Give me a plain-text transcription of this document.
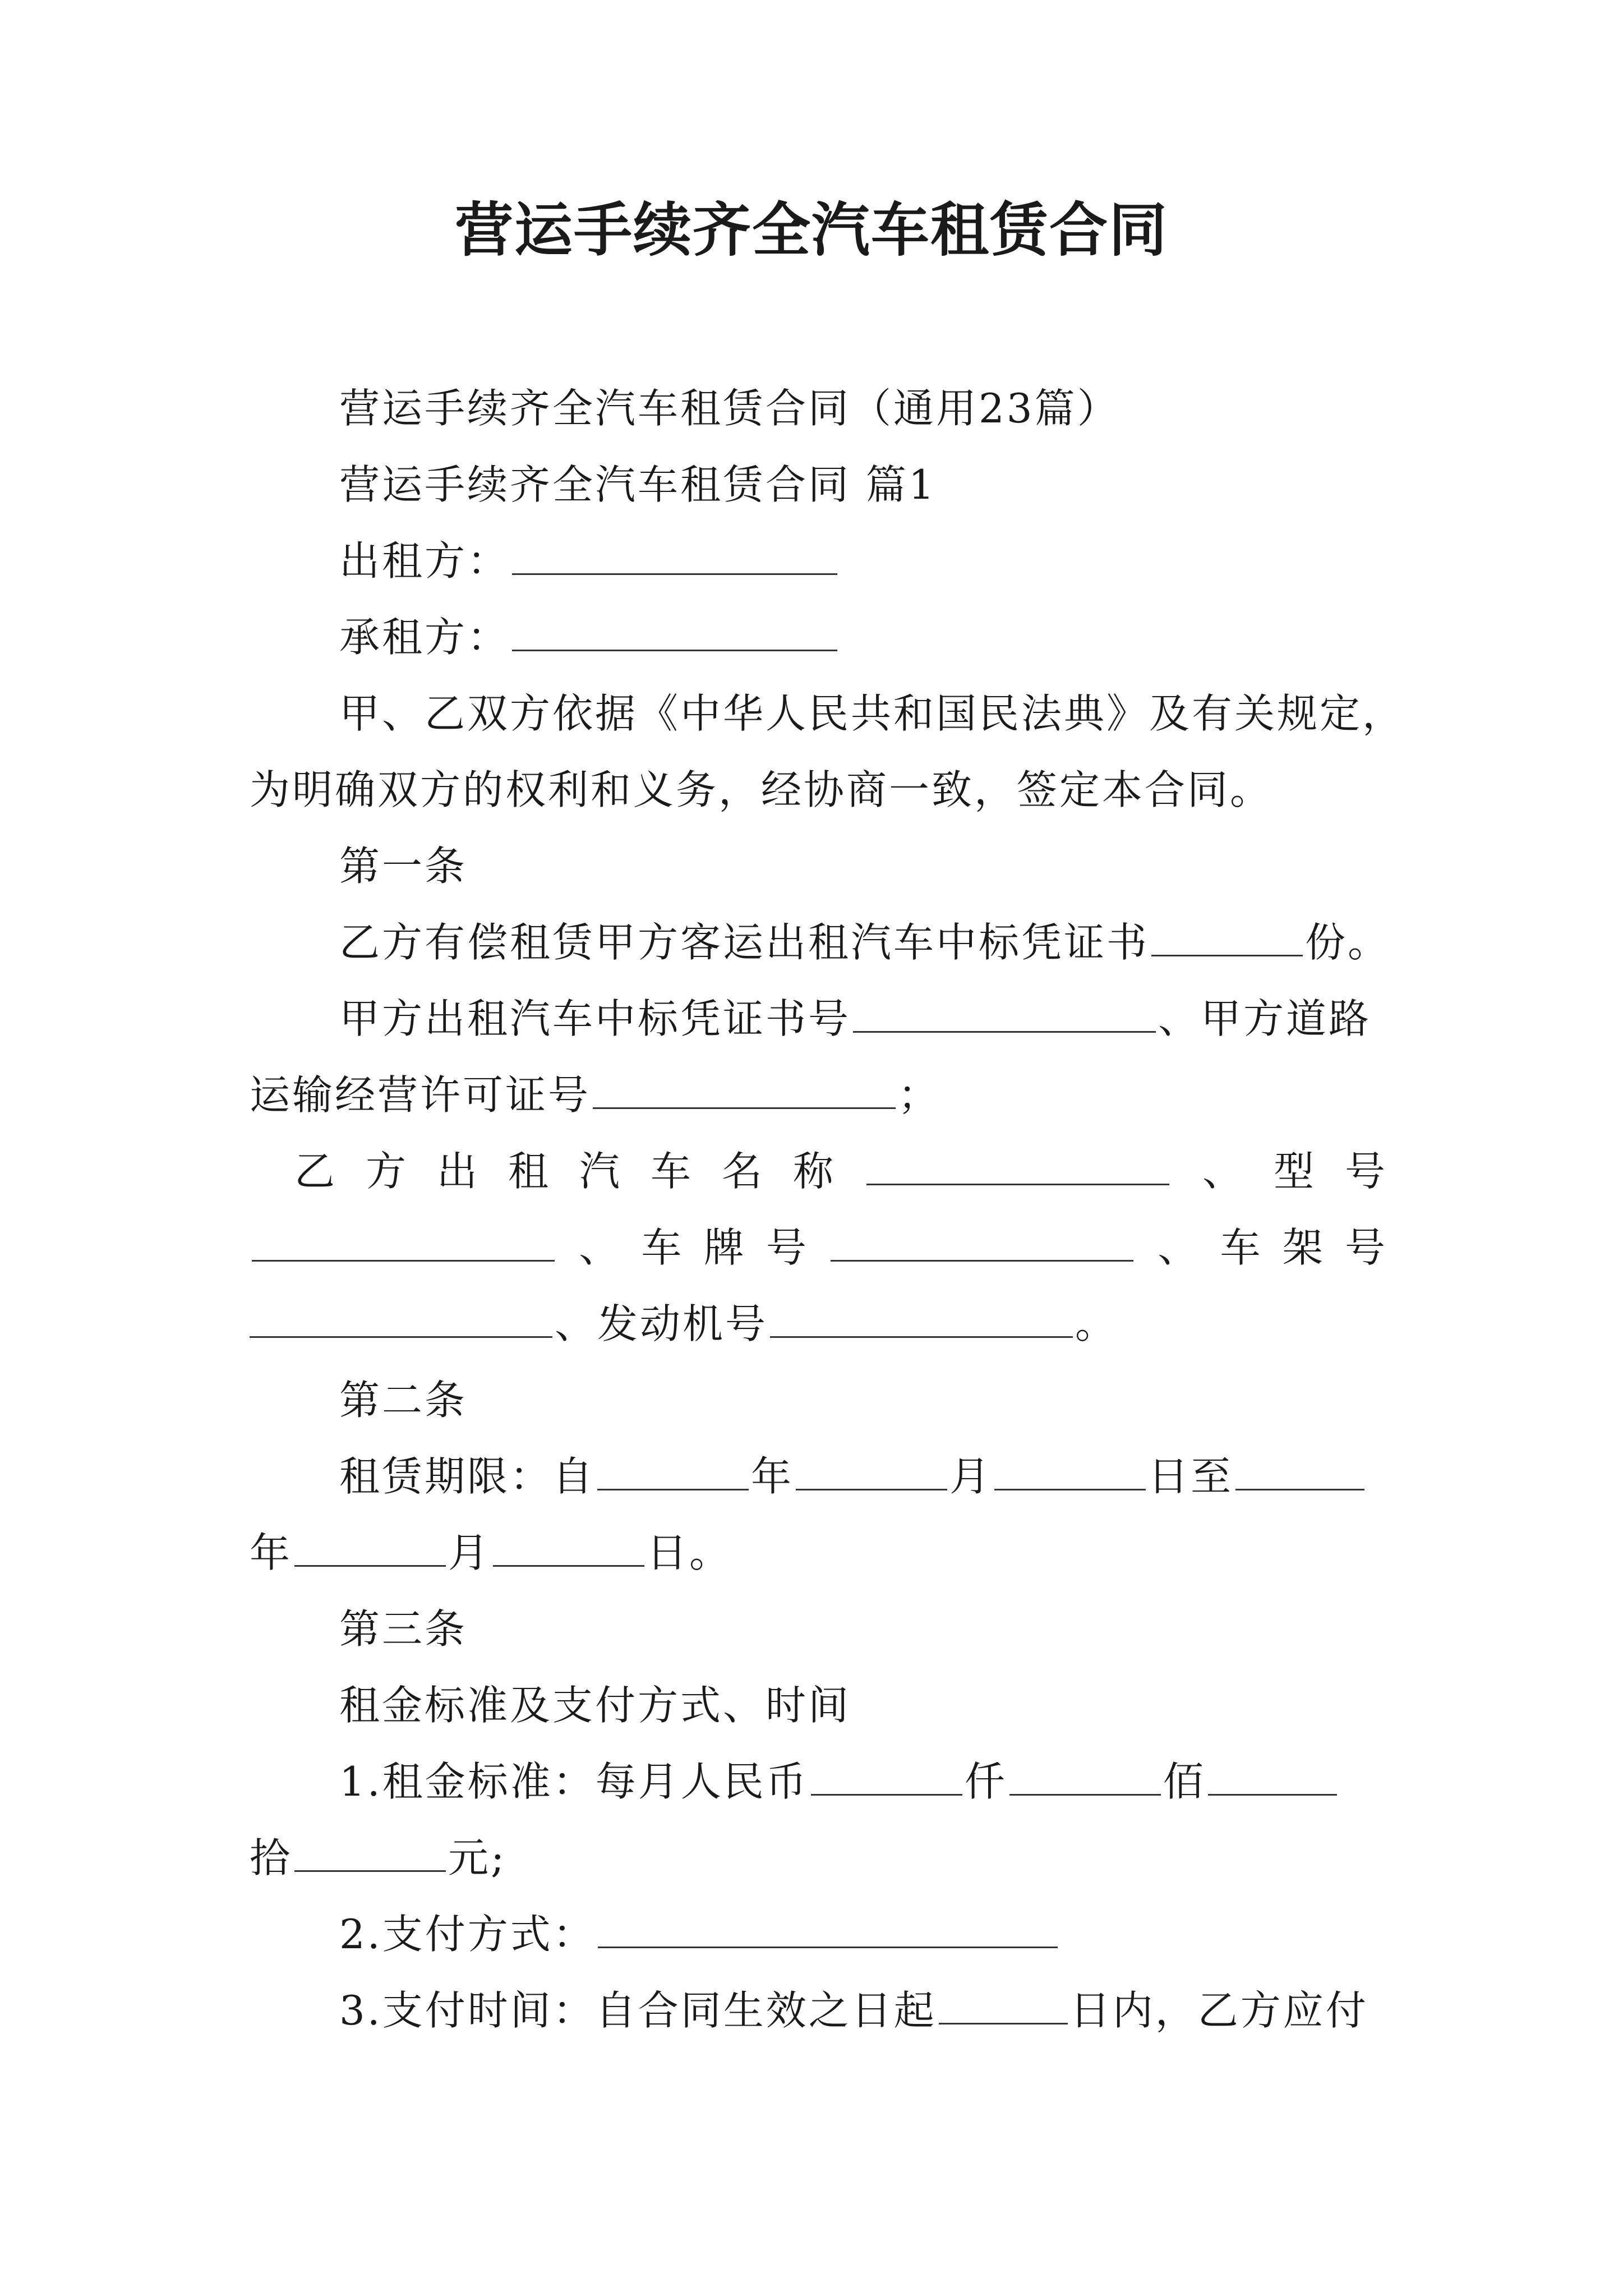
营运手续齐全汽车租赁合同
营运手续齐全汽车租赁合同（通用23篇）
营运手续齐全汽车租赁合同 篇1
出租方：
承租方：
甲、乙双方依据《中华人民共和国民法典》及有关规定，
为明确双方的权利和义务，经协商一致，签定本合同。
第一条
乙方有偿租赁甲方客运出租汽车中标凭证书	份。
甲方出租汽车中标凭证书号	、甲方道路
运输经营许可证号	；
乙 方 出 租 汽 车 名 称	、 型 号
、 车 牌 号	、 车 架 号
、发动机号	。
第二条
租赁期限：自	年	月	日至
年	月	日。
第三条
租金标准及支付方式、时间
1.租金标准：每月人民币	仟	佰
拾	元;
2.支付方式：
3.支付时间：自合同生效之日起	日内，乙方应付
